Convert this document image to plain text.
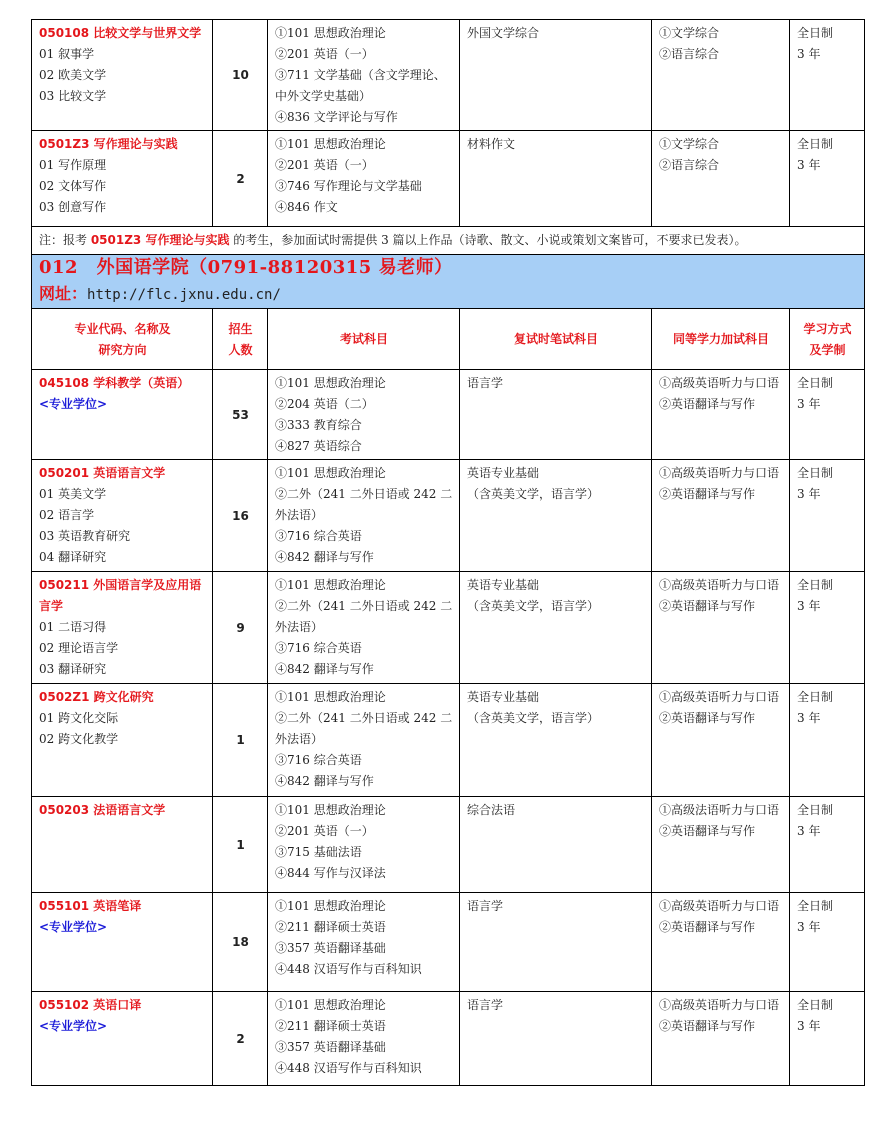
050108 比较文学与世界文学
01 叙事学
02 欧美文学
03 比较文学	10	①101 思想政治理论
②201 英语（一）
③711 文学基础（含文学理论、中外文学史基础）
④836 文学评论与写作	外国文学综合	①文学综合
②语言综合	全日制
3 年

0501Z3 写作理论与实践
01 写作原理
02 文体写作
03 创意写作	2	①101 思想政治理论
②201 英语（一）
③746 写作理论与文学基础
④846 作文	材料作文	①文学综合
②语言综合	全日制
3 年

注：报考 0501Z3 写作理论与实践 的考生，参加面试时需提供 3 篇以上作品（诗歌、散文、小说或策划文案皆可，不要求已发表）。					

012　外国语学院（0791-88120315 易老师）
网址：http://flc.jxnu.edu.cn/					

专业代码、名称及
研究方向	招生
人数	考试科目	复试时笔试科目	同等学力加试科目	学习方式
及学制

045108 学科教学（英语）
<专业学位>	53	①101 思想政治理论
②204 英语（二）
③333 教育综合
④827 英语综合	语言学	①高级英语听力与口语
②英语翻译与写作	全日制
3 年

050201 英语语言文学
01 英美文学
02 语言学
03 英语教育研究
04 翻译研究	16	①101 思想政治理论
②二外（241 二外日语或 242 二外法语）
③716 综合英语
④842 翻译与写作	英语专业基础
（含英美文学，语言学）	①高级英语听力与口语
②英语翻译与写作	全日制
3 年

050211 外国语言学及应用语言学
01 二语习得
02 理论语言学
03 翻译研究	9	①101 思想政治理论
②二外（241 二外日语或 242 二外法语）
③716 综合英语
④842 翻译与写作	英语专业基础
（含英美文学，语言学）	①高级英语听力与口语
②英语翻译与写作	全日制
3 年

0502Z1 跨文化研究
01 跨文化交际
02 跨文化教学	1	①101 思想政治理论
②二外（241 二外日语或 242 二外法语）
③716 综合英语
④842 翻译与写作	英语专业基础
（含英美文学，语言学）	①高级英语听力与口语
②英语翻译与写作	全日制
3 年

050203 法语语言文学	1	①101 思想政治理论
②201 英语（一）
③715 基础法语
④844 写作与汉译法	综合法语	①高级法语听力与口语
②英语翻译与写作	全日制
3 年

055101 英语笔译
<专业学位>	18	①101 思想政治理论
②211 翻译硕士英语
③357 英语翻译基础
④448 汉语写作与百科知识	语言学	①高级英语听力与口语
②英语翻译与写作	全日制
3 年

055102 英语口译
<专业学位>	2	①101 思想政治理论
②211 翻译硕士英语
③357 英语翻译基础
④448 汉语写作与百科知识	语言学	①高级英语听力与口语
②英语翻译与写作	全日制
3 年
